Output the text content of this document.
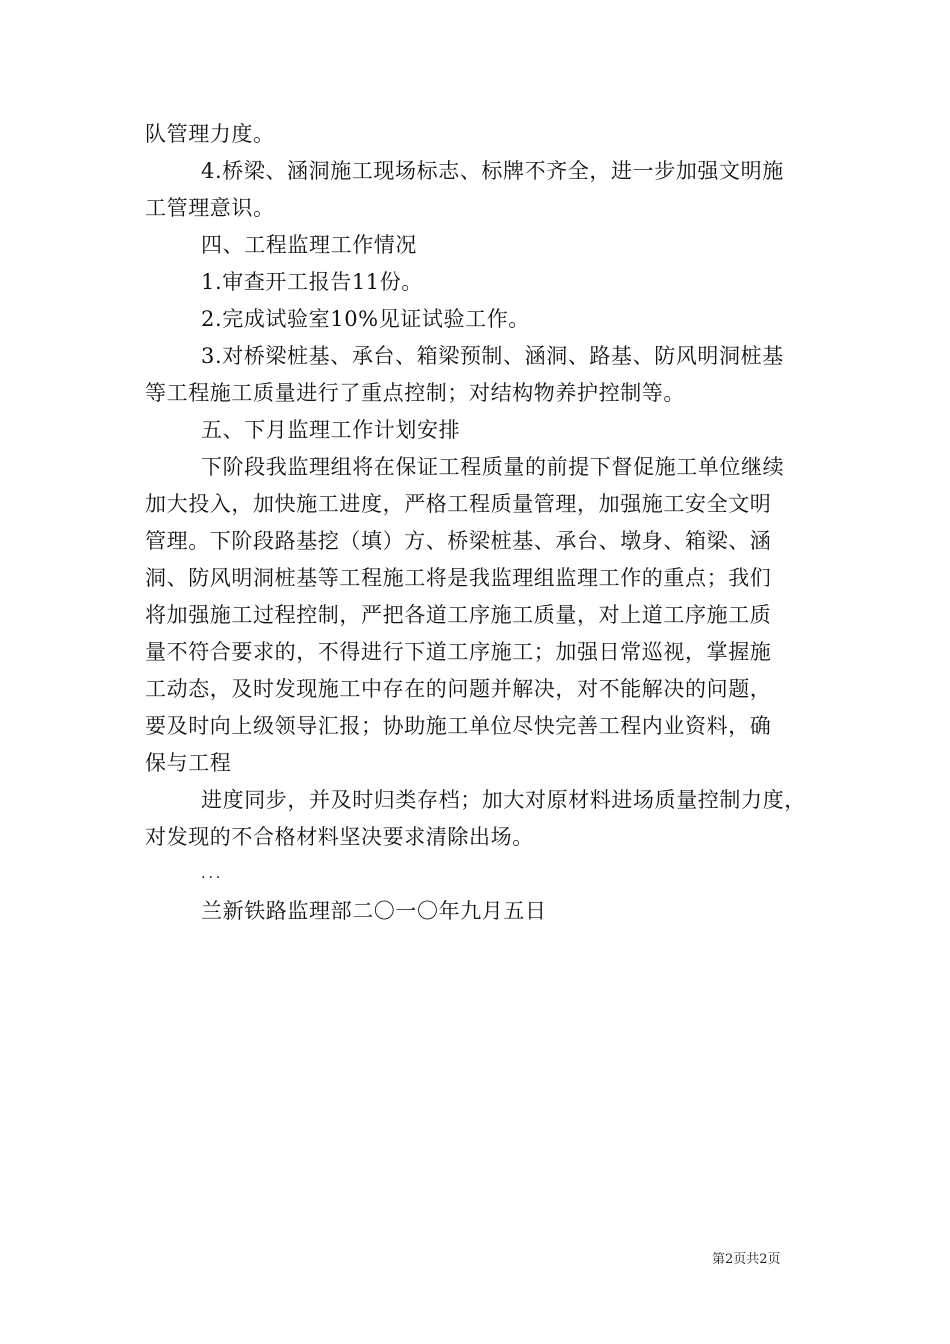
队管理力度。
4.桥梁、涵洞施工现场标志、标牌不齐全，进一步加强文明施
工管理意识。
四、工程监理工作情况
1.审查开工报告11份。
2.完成试验室10%见证试验工作。
3.对桥梁桩基、承台、箱梁预制、涵洞、路基、防风明洞桩基
等工程施工质量进行了重点控制；对结构物养护控制等。
五、下月监理工作计划安排
下阶段我监理组将在保证工程质量的前提下督促施工单位继续
加大投入，加快施工进度，严格工程质量管理，加强施工安全文明
管理。下阶段路基挖（填）方、桥梁桩基、承台、墩身、箱梁、涵
洞、防风明洞桩基等工程施工将是我监理组监理工作的重点；我们
将加强施工过程控制，严把各道工序施工质量，对上道工序施工质
量不符合要求的，不得进行下道工序施工；加强日常巡视，掌握施
工动态，及时发现施工中存在的问题并解决，对不能解决的问题，
要及时向上级领导汇报；协助施工单位尽快完善工程内业资料，确
保与工程
进度同步，并及时归类存档；加大对原材料进场质量控制力度，
对发现的不合格材料坚决要求清除出场。
...
兰新铁路监理部二〇一〇年九月五日
第2页共2页
